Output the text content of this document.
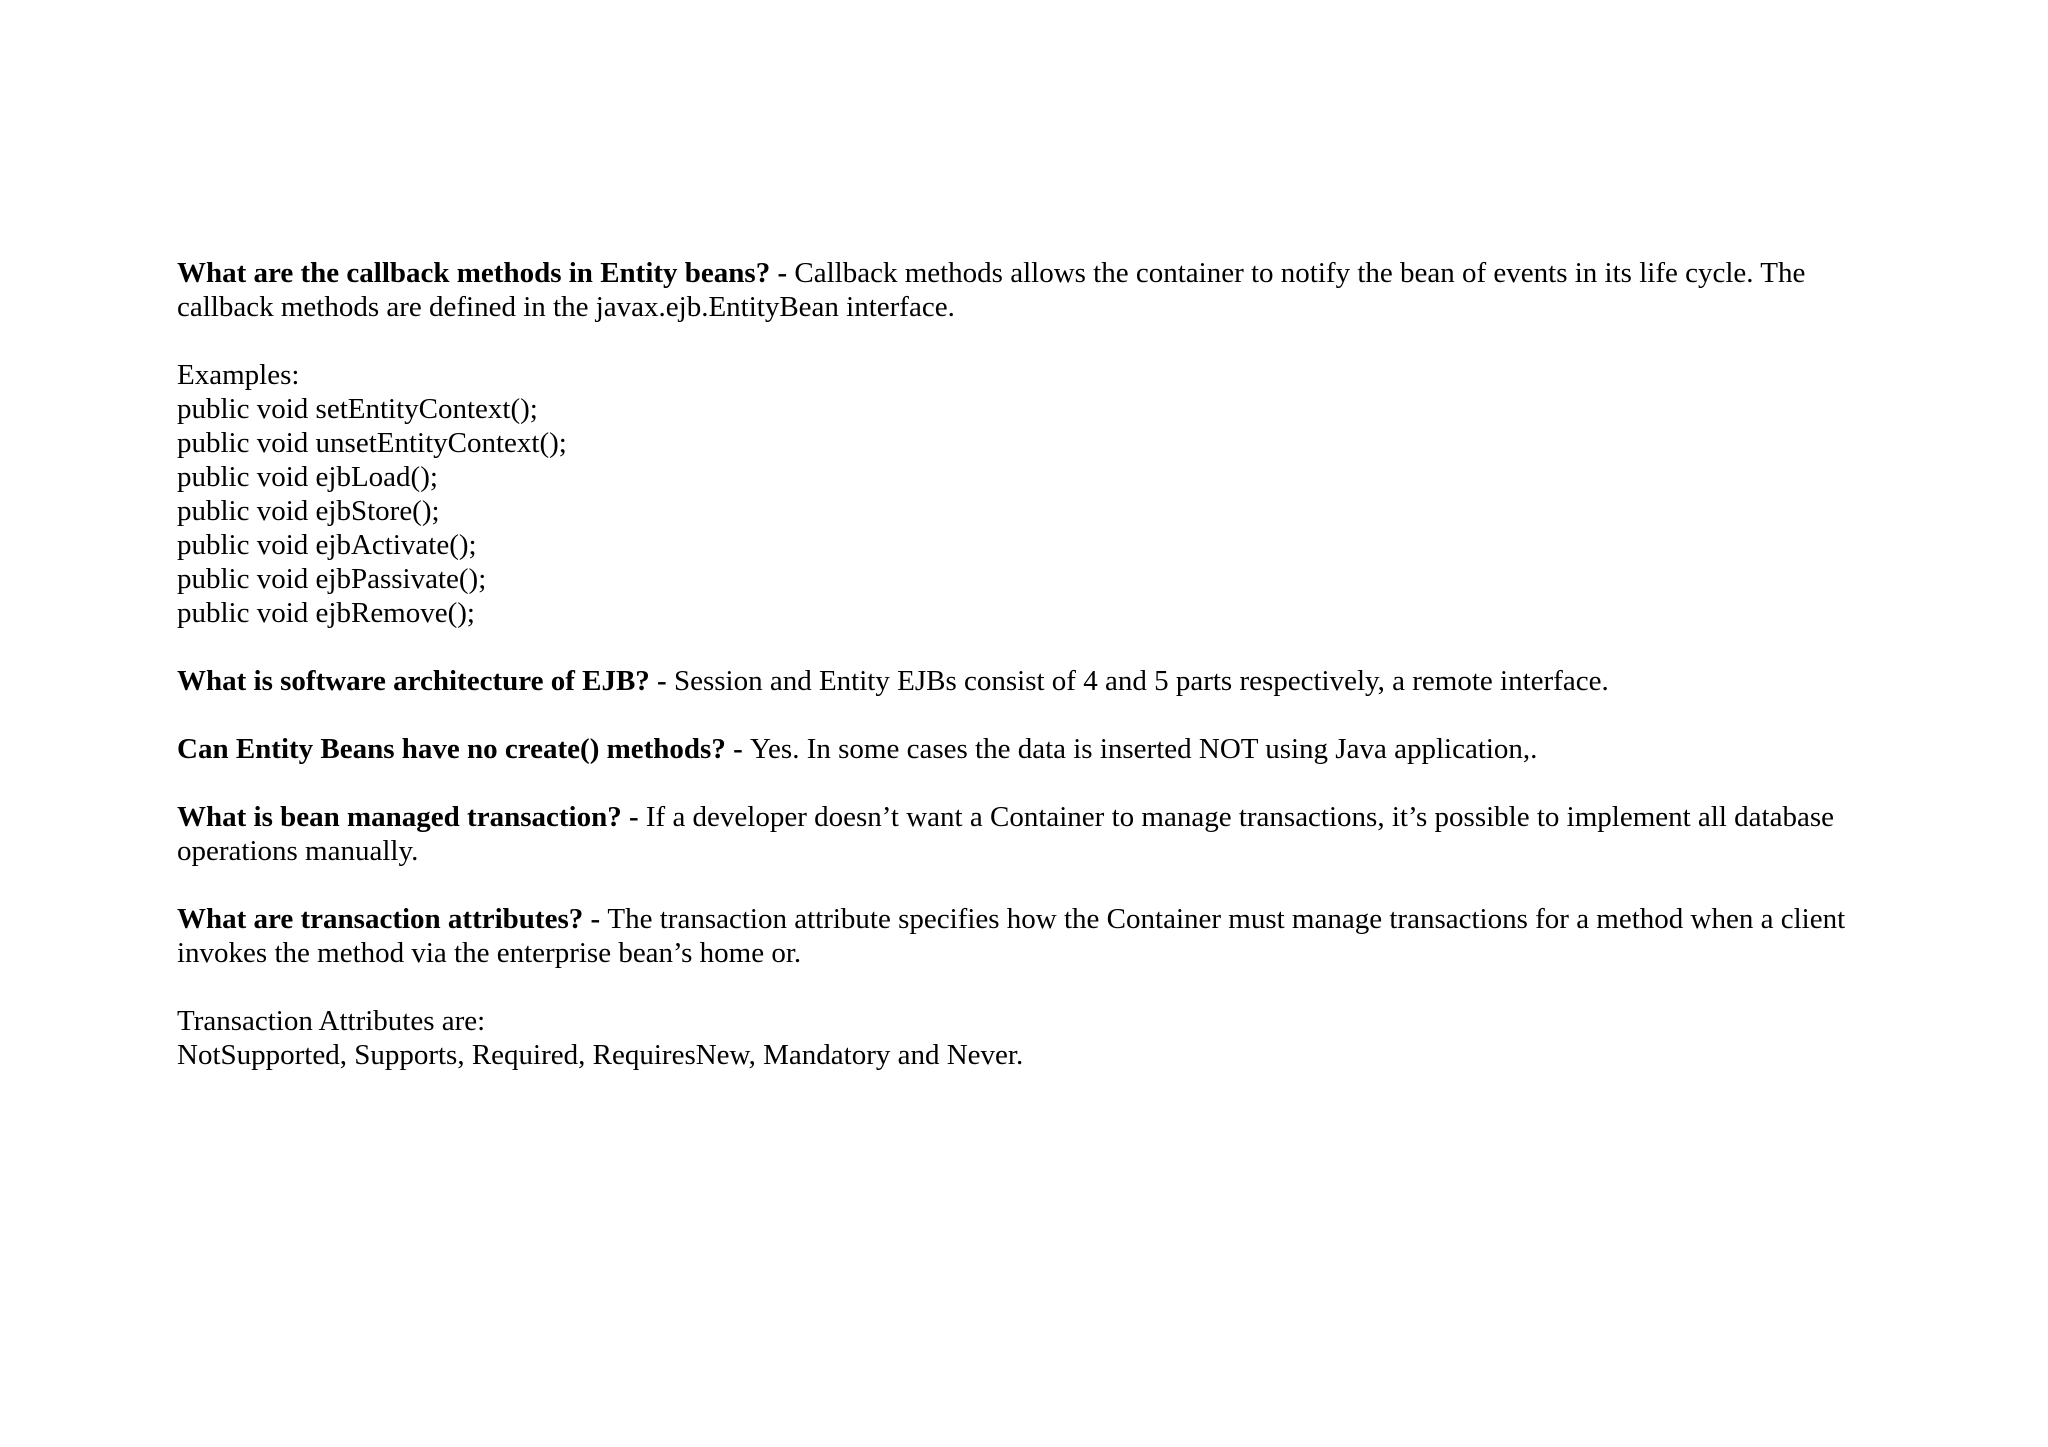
What are the callback methods in Entity beans? - Callback methods allows the container to notify the bean of events in its life cycle. The callback methods are defined in the javax.ejb.EntityBean interface.

Examples:
public void setEntityContext();
public void unsetEntityContext();
public void ejbLoad();
public void ejbStore();
public void ejbActivate();
public void ejbPassivate();
public void ejbRemove();

What is software architecture of EJB? - Session and Entity EJBs consist of 4 and 5 parts respectively, a remote interface.

Can Entity Beans have no create() methods? - Yes. In some cases the data is inserted NOT using Java application,.

What is bean managed transaction? - If a developer doesn’t want a Container to manage transactions, it’s possible to implement all database operations manually.

What are transaction attributes? - The transaction attribute specifies how the Container must manage transactions for a method when a client invokes the method via the enterprise bean’s home or.

Transaction Attributes are:
NotSupported, Supports, Required, RequiresNew, Mandatory and Never.
